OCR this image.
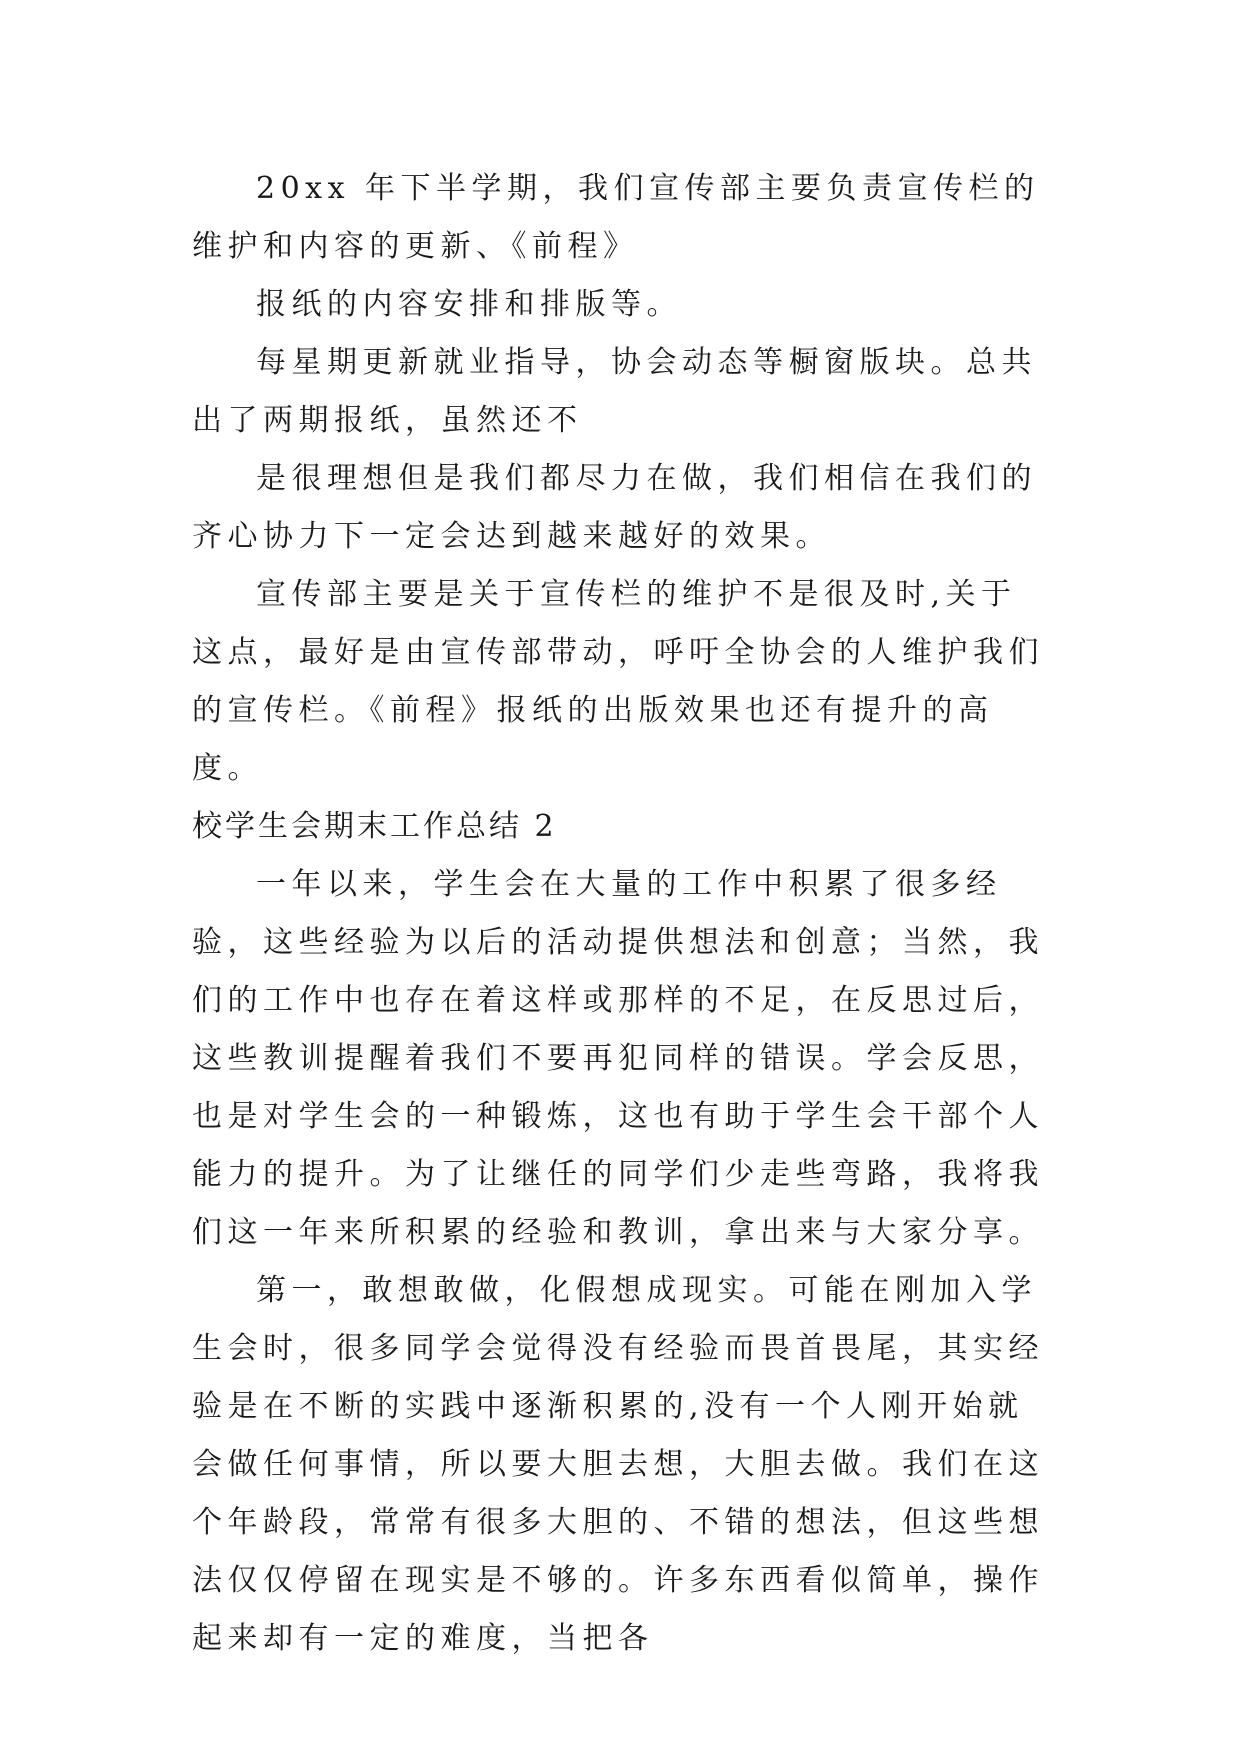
20xx 年下半学期，我们宣传部主要负责宣传栏的维护和内容的更新、《前程》

报纸的内容安排和排版等。

每星期更新就业指导，协会动态等橱窗版块。总共出了两期报纸，虽然还不

是很理想但是我们都尽力在做，我们相信在我们的齐心协力下一定会达到越来越好的效果。

宣传部主要是关于宣传栏的维护不是很及时,关于这点，最好是由宣传部带动，呼吁全协会的人维护我们的宣传栏。《前程》报纸的出版效果也还有提升的高度。

校学生会期末工作总结 2

一年以来，学生会在大量的工作中积累了很多经验，这些经验为以后的活动提供想法和创意；当然，我们的工作中也存在着这样或那样的不足，在反思过后，这些教训提醒着我们不要再犯同样的错误。学会反思，也是对学生会的一种锻炼，这也有助于学生会干部个人能力的提升。为了让继任的同学们少走些弯路，我将我们这一年来所积累的经验和教训，拿出来与大家分享。

第一，敢想敢做，化假想成现实。可能在刚加入学生会时，很多同学会觉得没有经验而畏首畏尾，其实经验是在不断的实践中逐渐积累的,没有一个人刚开始就会做任何事情，所以要大胆去想，大胆去做。我们在这个年龄段，常常有很多大胆的、不错的想法，但这些想法仅仅停留在现实是不够的。许多东西看似简单，操作起来却有一定的难度，当把各
